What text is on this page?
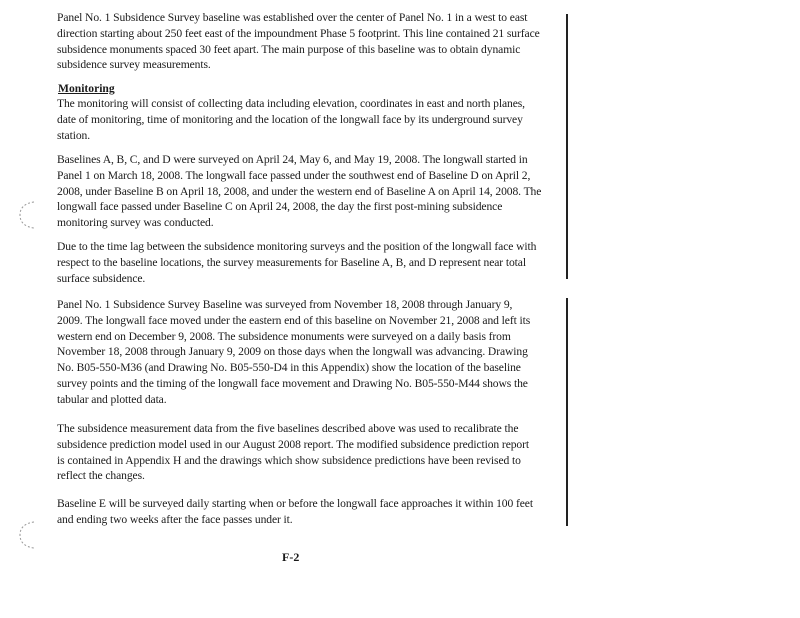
Panel No. 1 Subsidence Survey baseline was established over the center of Panel No. 1 in a west to east direction starting about 250 feet east of the impoundment Phase 5 footprint. This line contained 21 surface subsidence monuments spaced 30 feet apart. The main purpose of this baseline was to obtain dynamic subsidence survey measurements.
Monitoring
The monitoring will consist of collecting data including elevation, coordinates in east and north planes, date of monitoring, time of monitoring and the location of the longwall face by its underground survey station.
Baselines A, B, C, and D were surveyed on April 24, May 6, and May 19, 2008. The longwall started in Panel 1 on March 18, 2008. The longwall face passed under the southwest end of Baseline D on April 2, 2008, under Baseline B on April 18, 2008, and under the western end of Baseline A on April 14, 2008. The longwall face passed under Baseline C on April 24, 2008, the day the first post-mining subsidence monitoring survey was conducted.
Due to the time lag between the subsidence monitoring surveys and the position of the longwall face with respect to the baseline locations, the survey measurements for Baseline A, B, and D represent near total surface subsidence.
Panel No. 1 Subsidence Survey Baseline was surveyed from November 18, 2008 through January 9, 2009. The longwall face moved under the eastern end of this baseline on November 21, 2008 and left its western end on December 9, 2008. The subsidence monuments were surveyed on a daily basis from November 18, 2008 through January 9, 2009 on those days when the longwall was advancing. Drawing No. B05-550-M36 (and Drawing No. B05-550-D4 in this Appendix) show the location of the baseline survey points and the timing of the longwall face movement and Drawing No. B05-550-M44 shows the tabular and plotted data.
The subsidence measurement data from the five baselines described above was used to recalibrate the subsidence prediction model used in our August 2008 report. The modified subsidence prediction report is contained in Appendix H and the drawings which show subsidence predictions have been revised to reflect the changes.
Baseline E will be surveyed daily starting when or before the longwall face approaches it within 100 feet and ending two weeks after the face passes under it.
F-2
